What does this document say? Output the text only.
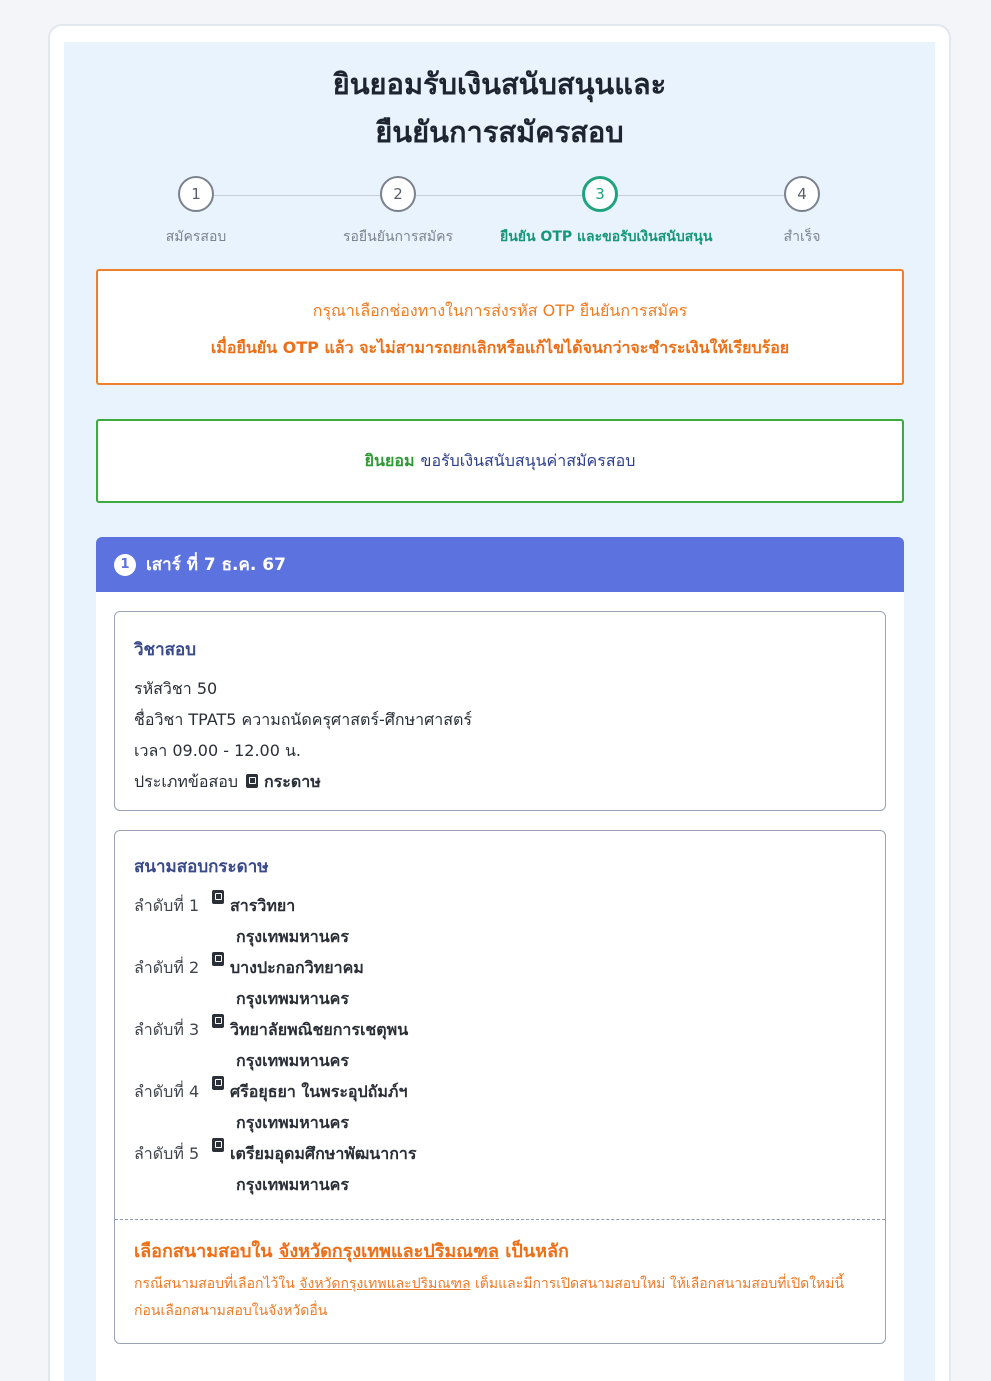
ยินยอมรับเงินสนับสนุนและ
ยืนยันการสมัครสอบ
1
สมัครสอบ
2
รอยืนยันการสมัคร
3
ยืนยัน OTP และขอรับเงินสนับสนุน
4
สำเร็จ
กรุณาเลือกช่องทางในการส่งรหัส OTP ยืนยันการสมัคร
เมื่อยืนยัน OTP แล้ว จะไม่สามารถยกเลิกหรือแก้ไขได้จนกว่าจะชำระเงินให้เรียบร้อย
ยินยอม ขอรับเงินสนับสนุนค่าสมัครสอบ
1 เสาร์ ที่ 7 ธ.ค. 67
วิชาสอบ
รหัสวิชา 50
ชื่อวิชา TPAT5 ความถนัดครุศาสตร์-ศึกษาศาสตร์
เวลา 09.00 - 12.00 น.
ประเภทข้อสอบ กระดาษ
สนามสอบกระดาษ
ลำดับที่ 1	สารวิทยา
กรุงเทพมหานคร
ลำดับที่ 2	บางปะกอกวิทยาคม
กรุงเทพมหานคร
ลำดับที่ 3	วิทยาลัยพณิชยการเชตุพน
กรุงเทพมหานคร
ลำดับที่ 4	ศรีอยุธยา ในพระอุปถัมภ์ฯ
กรุงเทพมหานคร
ลำดับที่ 5	เตรียมอุดมศึกษาพัฒนาการ
กรุงเทพมหานคร
เลือกสนามสอบใน จังหวัดกรุงเทพและปริมณฑล เป็นหลัก
กรณีสนามสอบที่เลือกไว้ใน จังหวัดกรุงเทพและปริมณฑล เต็มและมีการเปิดสนามสอบใหม่ ให้เลือกสนามสอบที่เปิดใหม่นี้ ก่อนเลือกสนามสอบในจังหวัดอื่น
